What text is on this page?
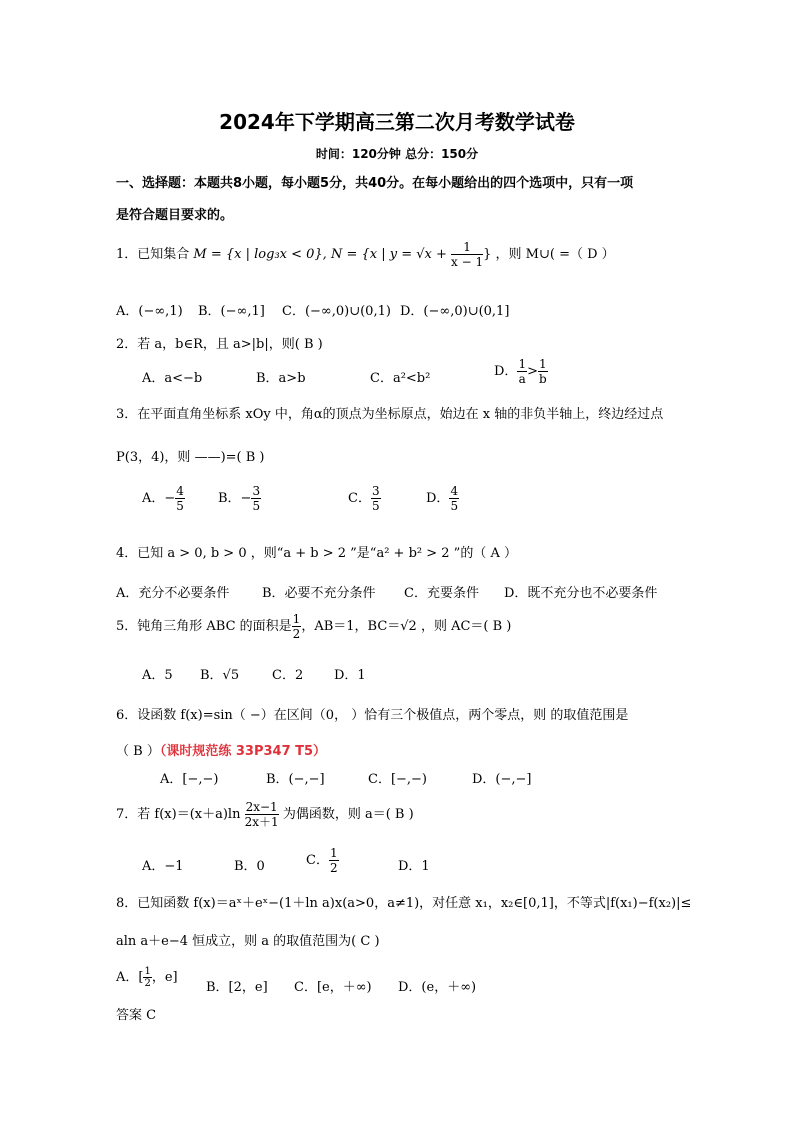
2024年下学期高三第二次月考数学试卷
时间：120分钟 总分：150分
一、选择题：本题共8小题，每小题5分，共40分。在每小题给出的四个选项中，只有一项
是符合题目要求的。
1．已知集合 M = {x | log₃x < 0}, N = {x | $y = √x + \frac{1}{x - 1}$ } ，则 M∪( =（ D ）
A．(−∞,1) B．(−∞,1] C．(−∞,0)∪(0,1) D．(−∞,0)∪(0,1]
2．若 a，b∈R，且 a>|b|，则( B )
A．a<−b	B．a>b	C．a²<b²	D． $\frac{1}{a} > \frac{1}{b}$
3．在平面直角坐标系 xOy 中，角α的顶点为坐标原点，始边在 x 轴的非负半轴上，终边经过点
P(3，4)，则 ——)=( B )
A．− $\frac{4}{5}$	B．− $\frac{3}{5}$	C． $\frac{3}{5}$	D． $\frac{4}{5}$
4．已知 a > 0, b > 0 ，则“a + b > 2 ”是“a² + b² > 2 ”的（ A ）
A．充分不必要条件	B．必要不充分条件 C．充要条件 D．既不充分也不必要条件
5．钝角三角形 ABC 的面积是 $\frac{1}{2}$ ，AB＝1，BC＝√2 ，则 AC＝( B )
A．5 B．√5	C．2 D．1
6．设函数 f(x)=sin（ −）在区间（0， ）恰有三个极值点，两个零点，则 的取值范围是
（ B ）（课时规范练 33P347 T5）
A．[−,−)	B．(−,−]	C．[−,−)	D．(−,−]
7．若 $f(x)=(x+a)\ln \frac{2x-1}{2x+1}$ 为偶函数，则 a＝( B )
A．−1	B．0	C． $\frac{1}{2}$	D．1
8．已知函数 f(x)＝aˣ＋eˣ−(1＋ln a)x(a>0，a≠1)，对任意 x₁，x₂∈[0,1]，不等式|f(x₁)−f(x₂)|≤
aln a＋e−4 恒成立，则 a 的取值范围为( C )
A．[ $\frac{1}{2}$ ，e]
B．[2，e] C．[e，＋∞) D．(e，＋∞)
答案 C
